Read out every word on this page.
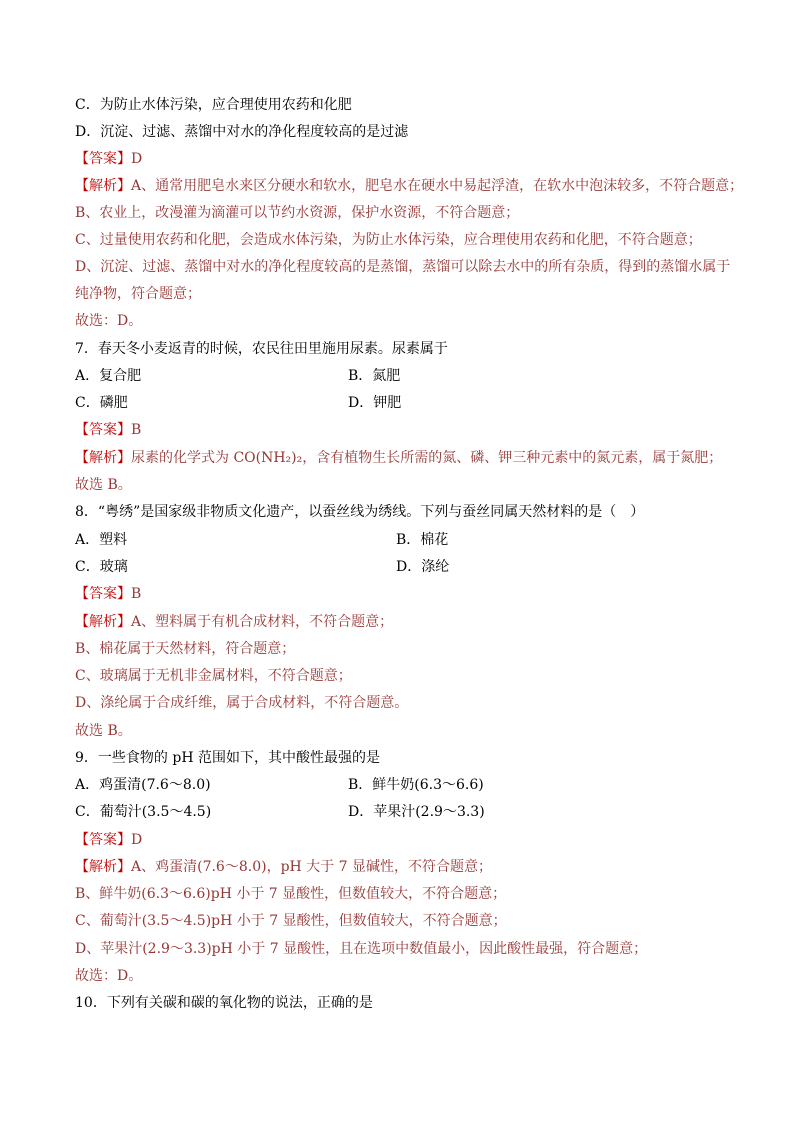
C．为防止水体污染，应合理使用农药和化肥
D．沉淀、过滤、蒸馏中对水的净化程度较高的是过滤
【答案】D
【解析】A、通常用肥皂水来区分硬水和软水，肥皂水在硬水中易起浮渣，在软水中泡沫较多，不符合题意；
B、农业上，改漫灌为滴灌可以节约水资源，保护水资源，不符合题意；
C、过量使用农药和化肥，会造成水体污染，为防止水体污染，应合理使用农药和化肥，不符合题意；
D、沉淀、过滤、蒸馏中对水的净化程度较高的是蒸馏，蒸馏可以除去水中的所有杂质，得到的蒸馏水属于
纯净物，符合题意；
故选：D。
7．春天冬小麦返青的时候，农民往田里施用尿素。尿素属于
A．复合肥	B．氮肥
C．磷肥	D．钾肥
【答案】B
【解析】尿素的化学式为 CO(NH₂)₂，含有植物生长所需的氮、磷、钾三种元素中的氮元素，属于氮肥；
故选 B。
8．“粤绣”是国家级非物质文化遗产，以蚕丝线为绣线。下列与蚕丝同属天然材料的是（　）
A．塑料	B．棉花
C．玻璃	D．涤纶
【答案】B
【解析】A、塑料属于有机合成材料，不符合题意；
B、棉花属于天然材料，符合题意；
C、玻璃属于无机非金属材料，不符合题意；
D、涤纶属于合成纤维，属于合成材料，不符合题意。
故选 B。
9．一些食物的 pH 范围如下，其中酸性最强的是
A．鸡蛋清(7.6～8.0)	B．鲜牛奶(6.3～6.6)
C．葡萄汁(3.5～4.5)	D．苹果汁(2.9～3.3)
【答案】D
【解析】A、鸡蛋清(7.6～8.0)，pH 大于 7 显碱性，不符合题意；
B、鲜牛奶(6.3～6.6)pH 小于 7 显酸性，但数值较大，不符合题意；
C、葡萄汁(3.5～4.5)pH 小于 7 显酸性，但数值较大，不符合题意；
D、苹果汁(2.9～3.3)pH 小于 7 显酸性，且在选项中数值最小，因此酸性最强，符合题意；
故选：D。
10．下列有关碳和碳的氧化物的说法，正确的是
